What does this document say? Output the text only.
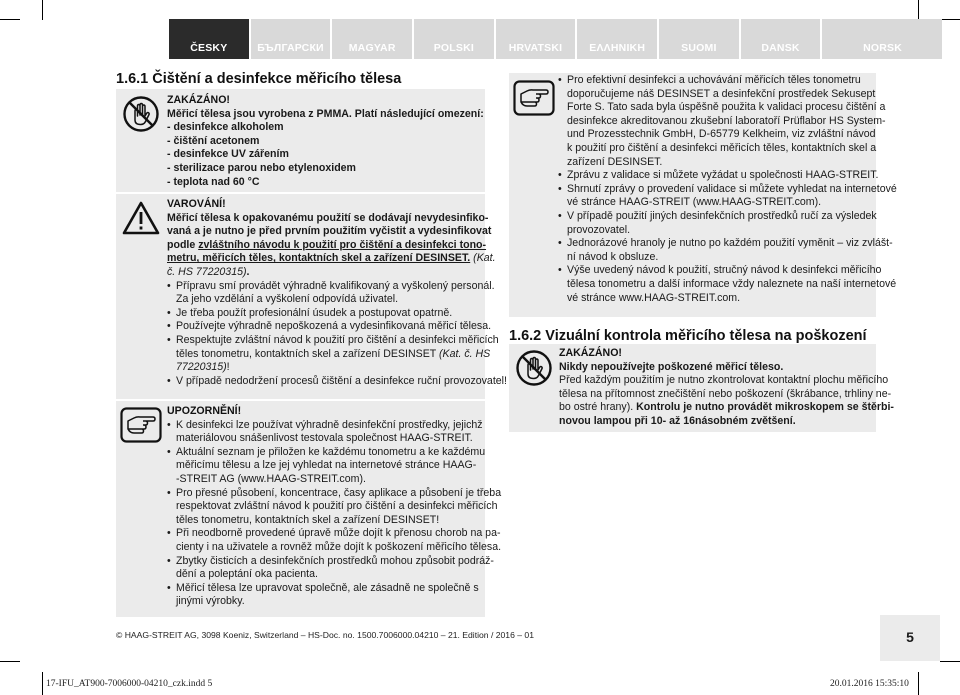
ČESKY	БЪЛГАРСКИ	MAGYAR	POLSKI	HRVATSKI	ΕΛΛΗΝΙΚΗ	SUOMI	DANSK	NORSK
1.6.1 Čištění a desinfekce měřicího tělesa
ZAKÁZÁNO!
Měřicí tělesa jsou vyrobena z PMMA. Platí následující omezení:
- desinfekce alkoholem
- čištění acetonem
- desinfekce UV zářením
- sterilizace parou nebo etylenoxidem
- teplota nad 60 °C
VAROVÁNÍ!
Měřicí tělesa k opakovanému použití se dodávají nevydesinfiko-
vaná a je nutno je před prvním použitím vyčistit a vydesinfikovat
podle zvláštního návodu k použití pro čištění a desinfekci tono-
metru, měřicích těles, kontaktních skel a zařízení DESINSET. (Kat.
č. HS 77220315).
• Přípravu smí provádět výhradně kvalifikovaný a vyškolený personál.
Za jeho vzdělání a vyškolení odpovídá uživatel.
• Je třeba použít profesionální úsudek a postupovat opatrně.
• Používejte výhradně nepoškozená a vydesinfikovaná měřicí tělesa.
• Respektujte zvláštní návod k použití pro čištění a desinfekci měřicích
těles tonometru, kontaktních skel a zařízení DESINSET (Kat. č. HS
77220315)!
• V případě nedodržení procesů čištění a desinfekce ruční provozovatel!
UPOZORNĚNÍ!
• K desinfekci lze používat výhradně desinfekční prostředky, jejichž
materiálovou snášenlivost testovala společnost HAAG-STREIT.
• Aktuální seznam je přiložen ke každému tonometru a ke každému
měřicímu tělesu a lze jej vyhledat na internetové stránce HAAG-
-STREIT AG (www.HAAG-STREIT.com).
• Pro přesné působení, koncentrace, časy aplikace a působení je třeba
respektovat zvláštní návod k použití pro čištění a desinfekci měřicích
těles tonometru, kontaktních skel a zařízení DESINSET!
• Při neodborně provedené úpravě může dojít k přenosu chorob na pa-
cienty i na uživatele a rovněž může dojít k poškození měřicího tělesa.
• Zbytky čisticích a desinfekčních prostředků mohou způsobit podráž-
dění a poleptání oka pacienta.
• Měřicí tělesa lze upravovat společně, ale zásadně ne společně s
jinými výrobky.
• Pro efektivní desinfekci a uchovávání měřicích těles tonometru
doporučujeme náš DESINSET a desinfekční prostředek Sekusept
Forte S. Tato sada byla úspěšně použita k validaci procesu čištění a
desinfekce akreditovanou zkušební laboratoří Prüflabor HS System-
und Prozesstechnik GmbH, D-65779 Kelkheim, viz zvláštní návod
k použití pro čištění a desinfekci měřicích těles, kontaktních skel a
zařízení DESINSET.
• Zprávu z validace si můžete vyžádat u společnosti HAAG-STREIT.
• Shrnutí zprávy o provedení validace si můžete vyhledat na internetové
vé stránce HAAG-STREIT (www.HAAG-STREIT.com).
• V případě použití jiných desinfekčních prostředků ručí za výsledek
provozovatel.
• Jednorázové hranoly je nutno po každém použití vyměnit – viz zvlášt-
ní návod k obsluze.
• Výše uvedený návod k použití, stručný návod k desinfekci měřicího
tělesa tonometru a další informace vždy naleznete na naší internetové
vé stránce www.HAAG-STREIT.com.
1.6.2 Vizuální kontrola měřicího tělesa na poškození
ZAKÁZÁNO!
Nikdy nepoužívejte poškozené měřicí těleso.
Před každým použitím je nutno zkontrolovat kontaktní plochu měřicího
tělesa na přítomnost znečištění nebo poškození (škrábance, trhliny ne-
bo ostré hrany). Kontrolu je nutno provádět mikroskopem se štěrbi-
novou lampou při 10- až 16násobném zvětšení.
© HAAG-STREIT AG, 3098 Koeniz, Switzerland – HS-Doc. no. 1500.7006000.04210 – 21. Edition / 2016 – 01	5
17-IFU_AT900-7006000-04210_czk.indd 5	20.01.2016 15:35:10
